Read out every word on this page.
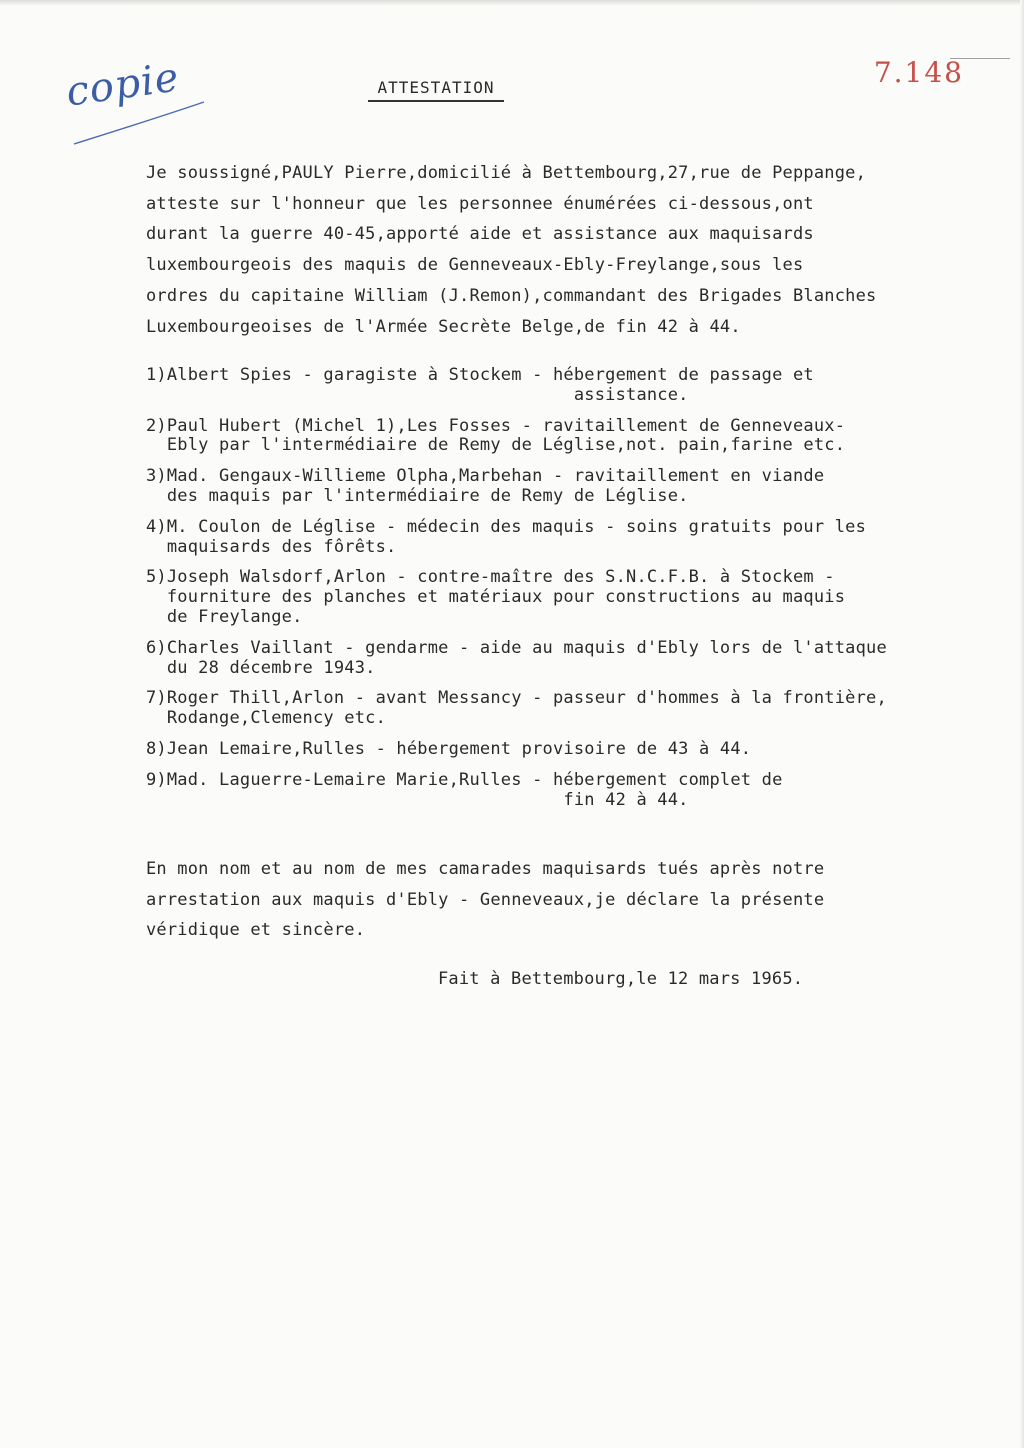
copie	7.148
ATTESTATION
Je soussigné,PAULY Pierre,domicilié à Bettembourg,27,rue de Peppange,
atteste sur l'honneur que les personnee énumérées ci-dessous,ont
durant la guerre 40-45,apporté aide et assistance aux maquisards
luxembourgeois des maquis de Genneveaux-Ebly-Freylange,sous les
ordres du capitaine William (J.Remon),commandant des Brigades Blanches
Luxembourgeoises de l'Armée Secrète Belge,de fin 42 à 44.
1)Albert Spies - garagiste à Stockem - hébergement de passage et
assistance.
2)Paul Hubert (Michel 1),Les Fosses - ravitaillement de Genneveaux-
Ebly par l'intermédiaire de Remy de Léglise,not. pain,farine etc.
3)Mad. Gengaux-Willieme Olpha,Marbehan - ravitaillement en viande
des maquis par l'intermédiaire de Remy de Léglise.
4)M. Coulon de Léglise - médecin des maquis - soins gratuits pour les
maquisards des fôrêts.
5)Joseph Walsdorf,Arlon - contre-maître des S.N.C.F.B. à Stockem -
fourniture des planches et matériaux pour constructions au maquis
de Freylange.
6)Charles Vaillant - gendarme - aide au maquis d'Ebly lors de l'attaque
du 28 décembre 1943.
7)Roger Thill,Arlon - avant Messancy - passeur d'hommes à la frontière,
Rodange,Clemency etc.
8)Jean Lemaire,Rulles - hébergement provisoire de 43 à 44.
9)Mad. Laguerre-Lemaire Marie,Rulles - hébergement complet de
fin 42 à 44.
En mon nom et au nom de mes camarades maquisards tués après notre
arrestation aux maquis d'Ebly - Genneveaux,je déclare la présente
véridique et sincère.
Fait à Bettembourg,le 12 mars 1965.
